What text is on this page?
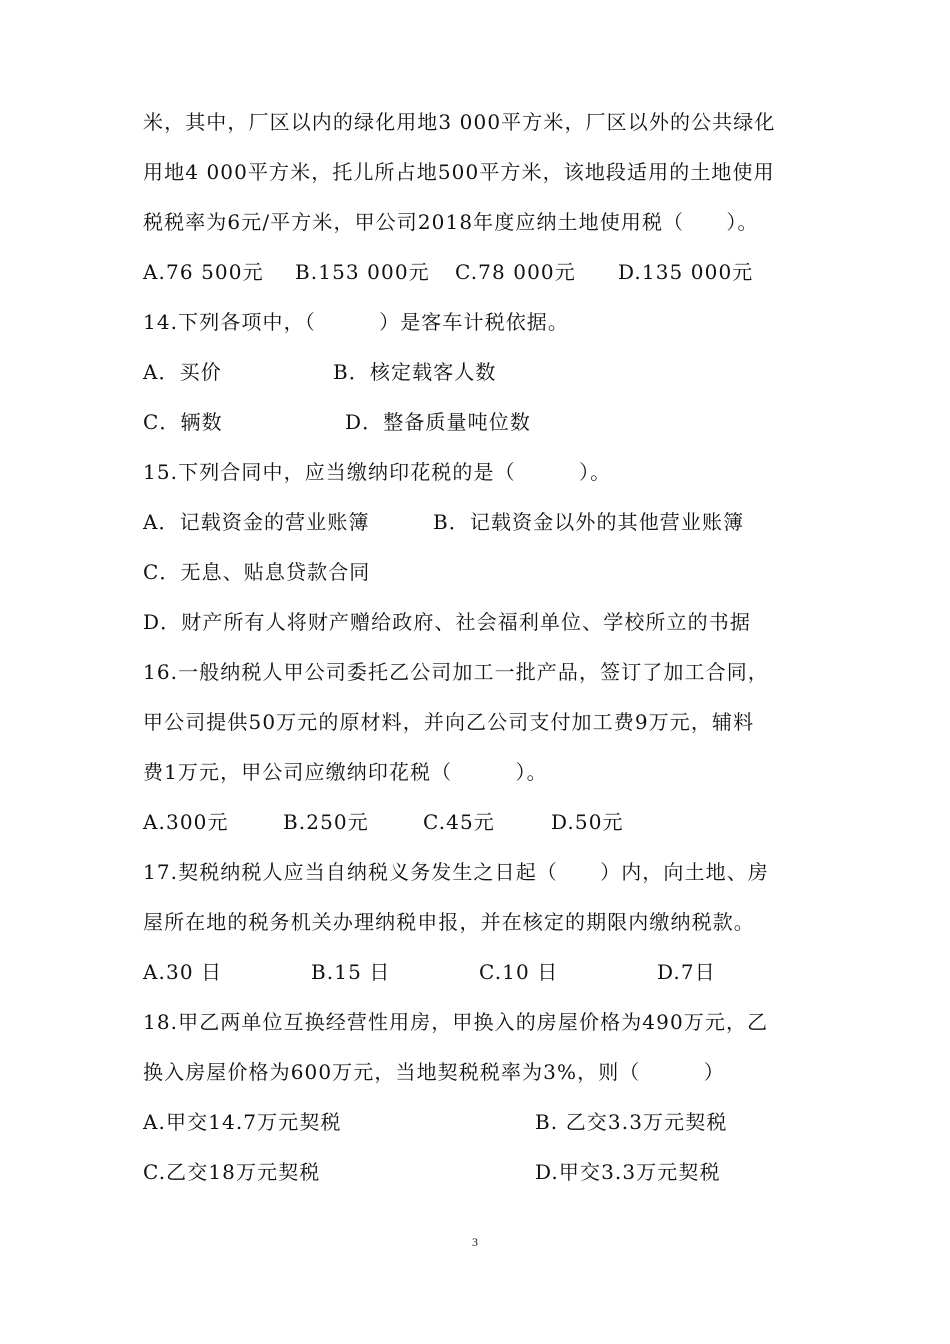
米，其中，厂区以内的绿化用地3 000平方米，厂区以外的公共绿化
用地4 000平方米，托儿所占地500平方米，该地段适用的土地使用
税税率为6元/平方米，甲公司2018年度应纳土地使用税（　　）。
A.76 500元 B.153 000元 C.78 000元 D.135 000元
14.下列各项中，（　　　）是客车计税依据。
A．买价	B．核定载客人数
C．辆数	D．整备质量吨位数
15.下列合同中，应当缴纳印花税的是（　　　）。
A．记载资金的营业账簿	B．记载资金以外的其他营业账簿
C．无息、贴息贷款合同
D．财产所有人将财产赠给政府、社会福利单位、学校所立的书据
16.一般纳税人甲公司委托乙公司加工一批产品，签订了加工合同，
甲公司提供50万元的原材料，并向乙公司支付加工费9万元，辅料
费1万元，甲公司应缴纳印花税（　　　）。
A.300元	B.250元	C.45元	D.50元
17.契税纳税人应当自纳税义务发生之日起（　　）内，向土地、房
屋所在地的税务机关办理纳税申报，并在核定的期限内缴纳税款。
A.30 日	B.15 日	C.10 日	D.7日
18.甲乙两单位互换经营性用房，甲换入的房屋价格为490万元，乙
换入房屋价格为600万元，当地契税税率为3%，则（　　　）
A.甲交14.7万元契税	B. 乙交3.3万元契税
C.乙交18万元契税	D.甲交3.3万元契税
3
